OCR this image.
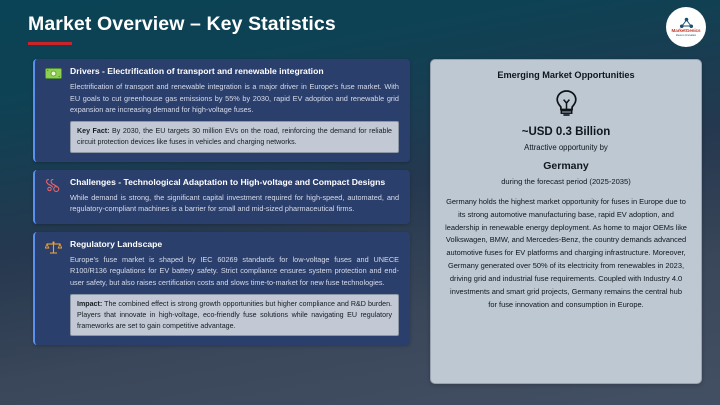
Market Overview – Key Statistics	MarketGenics
Ideas to Innovation
Drivers - Electrification of transport and renewable integration
Electrification of transport and renewable integration is a major driver in Europe’s fuse market. With EU goals to cut greenhouse gas emissions by 55% by 2030, rapid EV adoption and renewable grid expansion are increasing demand for high-voltage fuses.
Key Fact: By 2030, the EU targets 30 million EVs on the road, reinforcing the demand for reliable circuit protection devices like fuses in vehicles and charging networks.
Challenges - Technological Adaptation to High-voltage and Compact Designs
While demand is strong, the significant capital investment required for high-speed, automated, and regulatory-compliant machines is a barrier for small and mid-sized pharmaceutical firms.
Regulatory Landscape
Europe’s fuse market is shaped by IEC 60269 standards for low-voltage fuses and UNECE R100/R136 regulations for EV battery safety. Strict compliance ensures system protection and end-user safety, but also raises certification costs and slows time-to-market for new fuse technologies.
Impact: The combined effect is strong growth opportunities but higher compliance and R&D burden. Players that innovate in high-voltage, eco-friendly fuse solutions while navigating EU regulatory frameworks are set to gain competitive advantage.
Emerging Market Opportunities
~USD 0.3 Billion
Attractive opportunity by
Germany
during the forecast period (2025-2035)
Germany holds the highest market opportunity for fuses in Europe due to its strong automotive manufacturing base, rapid EV adoption, and leadership in renewable energy deployment. As home to major OEMs like Volkswagen, BMW, and Mercedes-Benz, the country demands advanced automotive fuses for EV platforms and charging infrastructure. Moreover, Germany generated over 50% of its electricity from renewables in 2023, driving grid and industrial fuse requirements. Coupled with Industry 4.0 investments and smart grid projects, Germany remains the central hub for fuse innovation and consumption in Europe.
